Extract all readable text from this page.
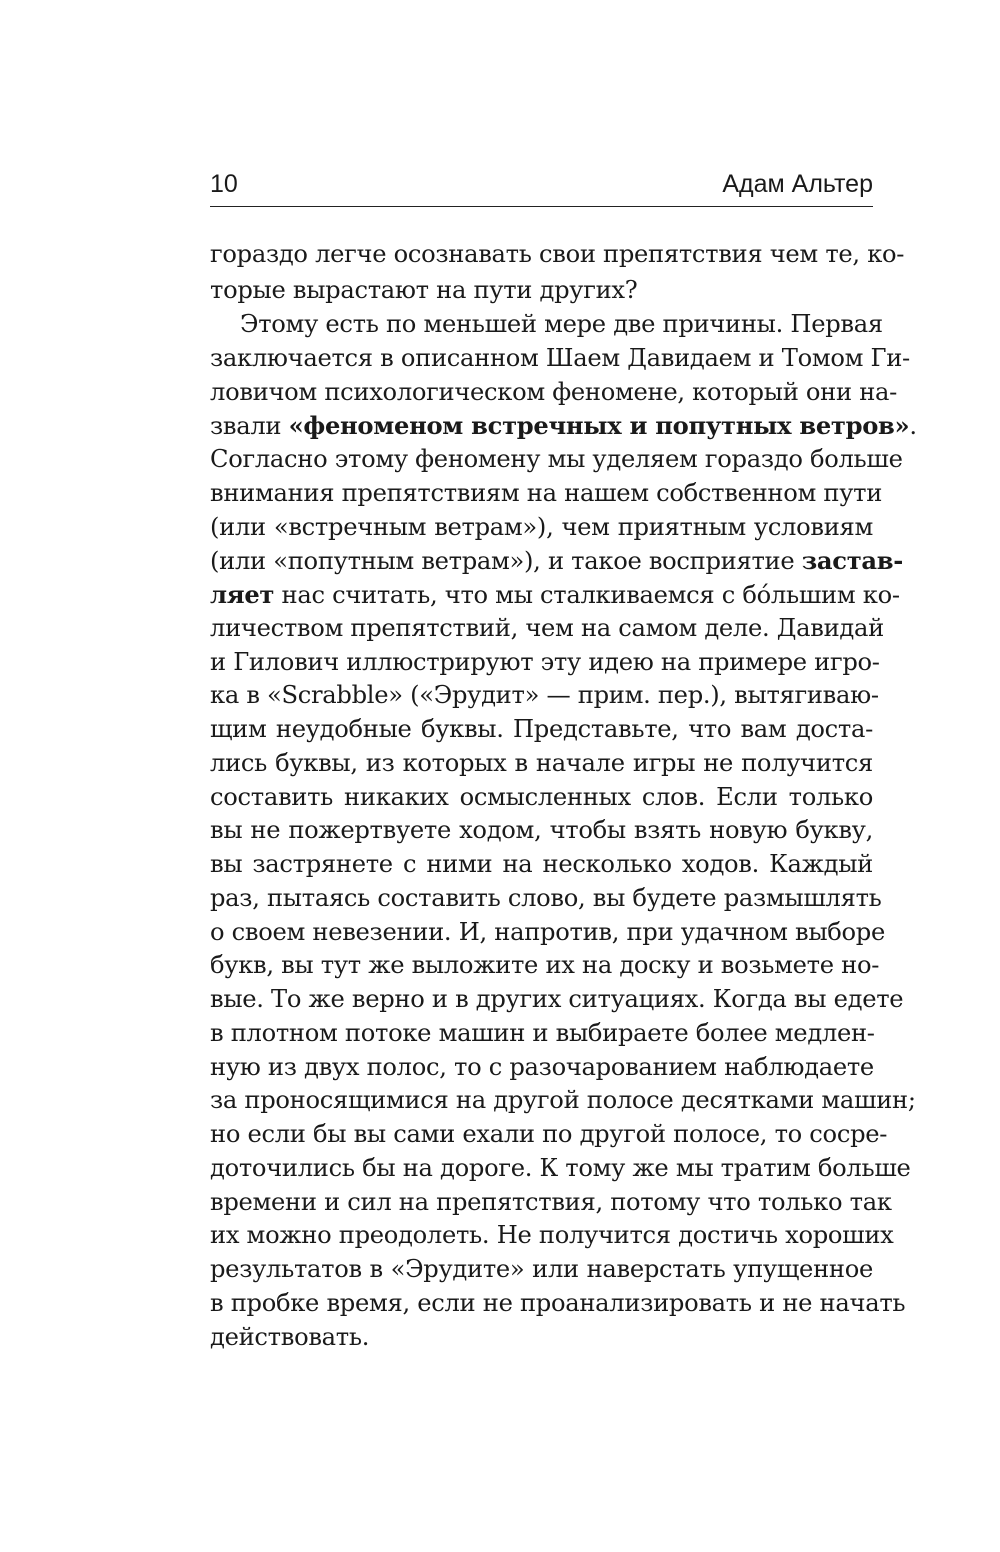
10	Адам Альтер
гораздо легче осознавать свои препятствия чем те, ко-
торые вырастают на пути других?
Этому есть по меньшей мере две причины. Первая
заключается в описанном Шаем Давидаем и Томом Ги-
ловичом психологическом феномене, который они на-
звали «феноменом встречных и попутных ветров».
Согласно этому феномену мы уделяем гораздо больше
внимания препятствиям на нашем собственном пути
(или «встречным ветрам»), чем приятным условиям
(или «попутным ветрам»), и такое восприятие застав-
ляет нас считать, что мы сталкиваемся с бóльшим ко-
личеством препятствий, чем на самом деле. Давидай
и Гилович иллюстрируют эту идею на примере игро-
ка в «Scrabble» («Эрудит» — прим. пер.), вытягиваю-
щим неудобные буквы. Представьте, что вам доста-
лись буквы, из которых в начале игры не получится
составить никаких осмысленных слов. Если только
вы не пожертвуете ходом, чтобы взять новую букву,
вы застрянете с ними на несколько ходов. Каждый
раз, пытаясь составить слово, вы будете размышлять
о своем невезении. И, напротив, при удачном выборе
букв, вы тут же выложите их на доску и возьмете но-
вые. То же верно и в других ситуациях. Когда вы едете
в плотном потоке машин и выбираете более медлен-
ную из двух полос, то с разочарованием наблюдаете
за проносящимися на другой полосе десятками машин;
но если бы вы сами ехали по другой полосе, то сосре-
доточились бы на дороге. К тому же мы тратим больше
времени и сил на препятствия, потому что только так
их можно преодолеть. Не получится достичь хороших
результатов в «Эрудите» или наверстать упущенное
в пробке время, если не проанализировать и не начать
действовать.
